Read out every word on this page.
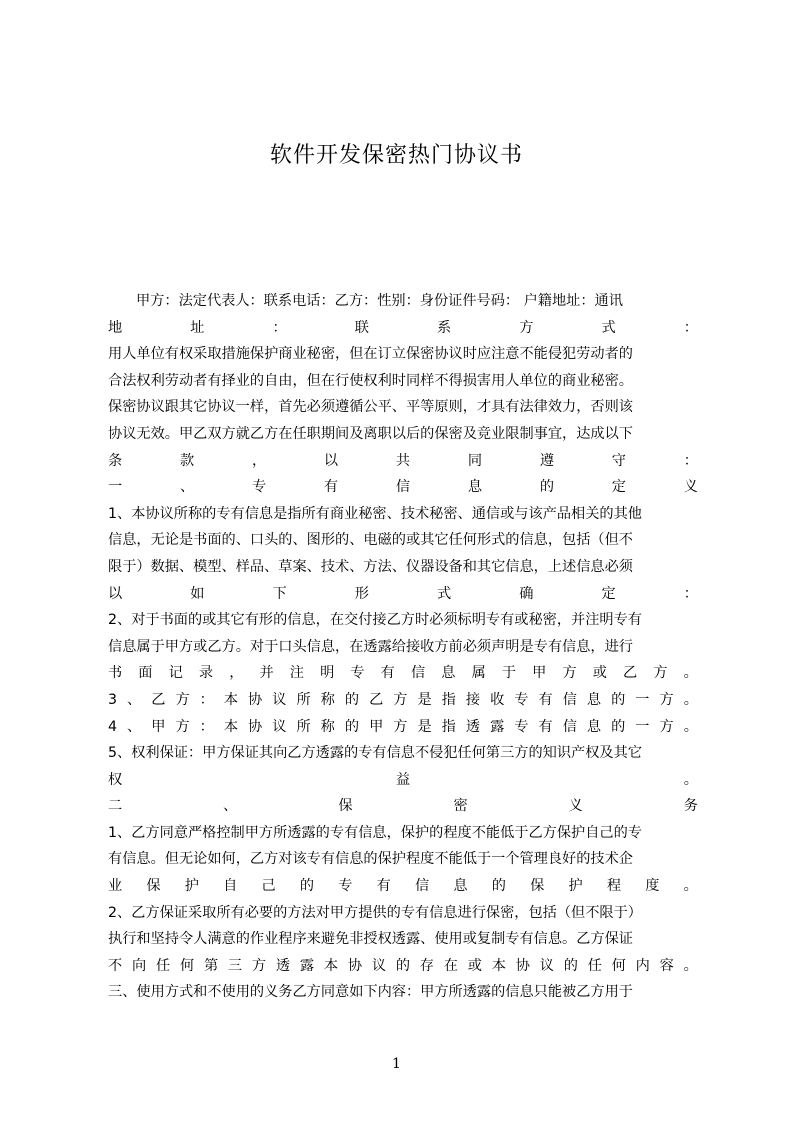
软件开发保密热门协议书
甲方：法定代表人：联系电话：乙方：性别：身份证件号码： 户籍地址：通讯
地	址	：	联	系	方	式	：
用人单位有权采取措施保护商业秘密，但在订立保密协议时应注意不能侵犯劳动者的
合法权利劳动者有择业的自由，但在行使权利时同样不得损害用人单位的商业秘密。
保密协议跟其它协议一样，首先必须遵循公平、平等原则，才具有法律效力，否则该
协议无效。甲乙双方就乙方在任职期间及离职以后的保密及竞业限制事宜，达成以下
条	款	，	以	共	同	遵	守	：
一	、	专	有	信	息	的	定	义
1、本协议所称的专有信息是指所有商业秘密、技术秘密、通信或与该产品相关的其他
信息，无论是书面的、口头的、图形的、电磁的或其它任何形式的信息，包括（但不
限于）数据、模型、样品、草案、技术、方法、仪器设备和其它信息，上述信息必须
以	如	下	形	式	确	定	：
2、对于书面的或其它有形的信息，在交付接乙方时必须标明专有或秘密，并注明专有
信息属于甲方或乙方。对于口头信息，在透露给接收方前必须声明是专有信息，进行
书 面 记 录 ， 并 注 明 专 有 信 息 属 于 甲 方 或 乙 方 。
3 、 乙 方 ： 本 协 议 所 称 的 乙 方 是 指 接 收 专 有 信 息 的 一 方 。
4 、 甲 方 ： 本 协 议 所 称 的 甲 方 是 指 透 露 专 有 信 息 的 一 方 。
5、权利保证：甲方保证其向乙方透露的专有信息不侵犯任何第三方的知识产权及其它
权	益	。
二	、	保	密	义	务
1、乙方同意严格控制甲方所透露的专有信息，保护的程度不能低于乙方保护自己的专
有信息。但无论如何，乙方对该专有信息的保护程度不能低于一个管理良好的技术企
业 保 护 自 己 的 专 有 信 息 的 保 护 程 度 。
2、乙方保证采取所有必要的方法对甲方提供的专有信息进行保密，包括（但不限于）
执行和坚持令人满意的作业程序来避免非授权透露、使用或复制专有信息。乙方保证
不 向 任 何 第 三 方 透 露 本 协 议 的 存 在 或 本 协 议 的 任 何 内 容 。
三、使用方式和不使用的义务乙方同意如下内容：甲方所透露的信息只能被乙方用于
1
